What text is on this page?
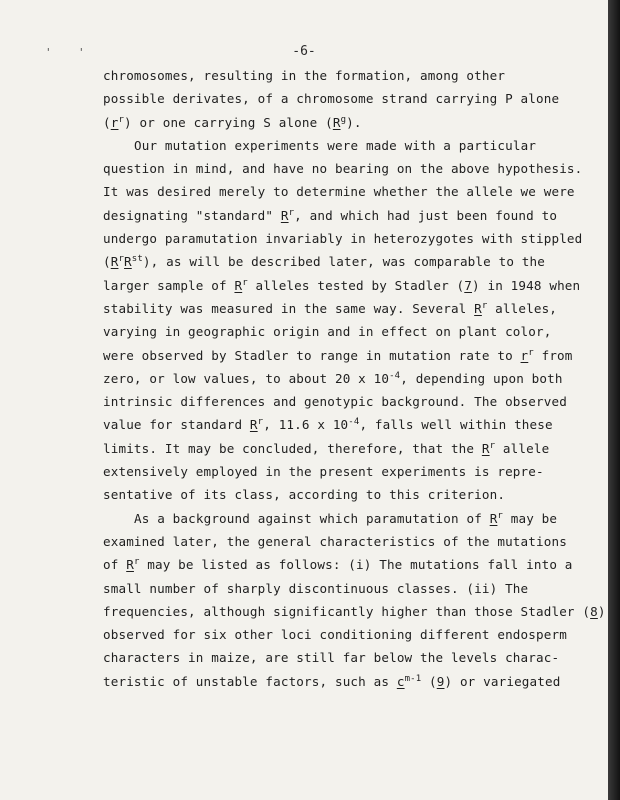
' '	-6-
chromosomes, resulting in the formation, among other
possible derivates, of a chromosome strand carrying P alone
$(r^r)$ or one carrying S alone $(R^g)$.
Our mutation experiments were made with a particular
question in mind, and have no bearing on the above hypothesis.
It was desired merely to determine whether the allele we were
designating "standard" $R^r$, and which had just been found to
undergo paramutation invariably in heterozygotes with stippled
$(R^rR^{st})$, as will be described later, was comparable to the
larger sample of $R^r$ alleles tested by Stadler (7) in 1948 when
stability was measured in the same way. Several $R^r$ alleles,
varying in geographic origin and in effect on plant color,
were observed by Stadler to range in mutation rate to $r^r$ from
zero, or low values, to about 20 x $10^{-4}$, depending upon both
intrinsic differences and genotypic background. The observed
value for standard $R^r$, 11.6 x $10^{-4}$, falls well within these
limits. It may be concluded, therefore, that the $R^r$ allele
extensively employed in the present experiments is repre-
sentative of its class, according to this criterion.
As a background against which paramutation of $R^r$ may be
examined later, the general characteristics of the mutations
of $R^r$ may be listed as follows: (i) The mutations fall into a
small number of sharply discontinuous classes. (ii) The
frequencies, although significantly higher than those Stadler (8)
observed for six other loci conditioning different endosperm
characters in maize, are still far below the levels charac-
teristic of unstable factors, such as $c^{m-1}$ (9) or variegated
